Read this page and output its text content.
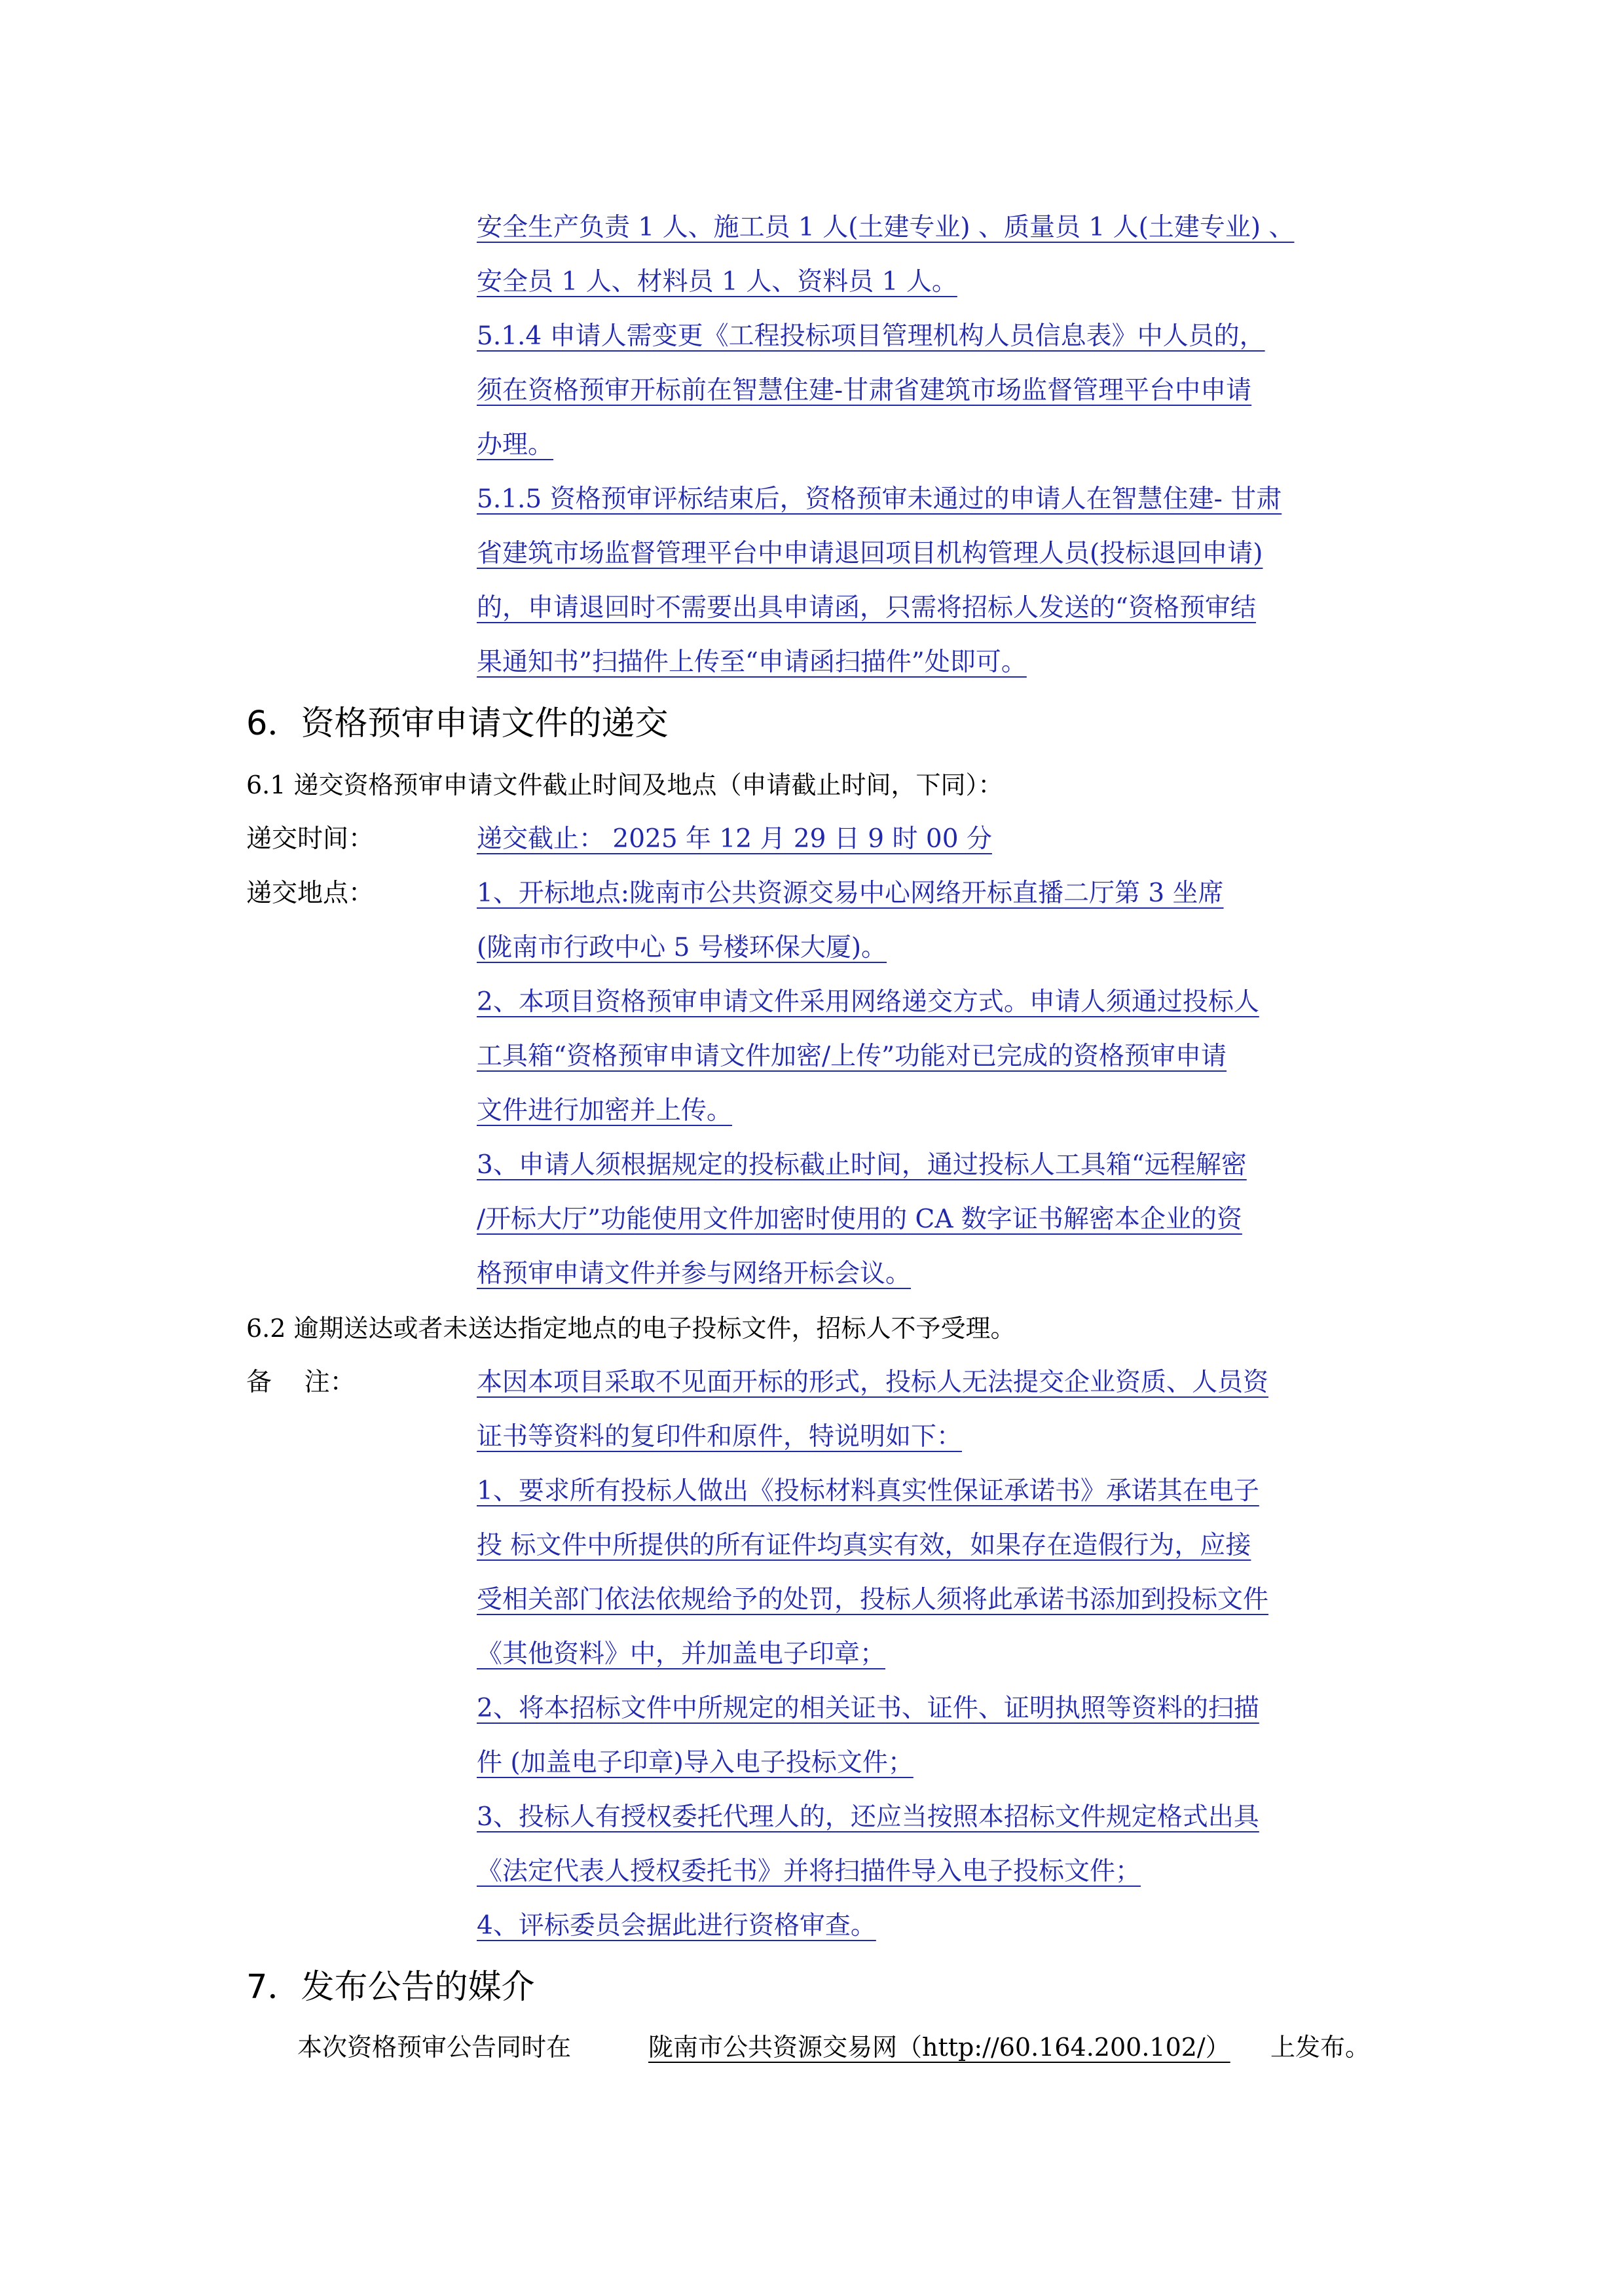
安全生产负责 1 人、施工员 1 人(土建专业) 、质量员 1 人(土建专业) 、
安全员 1 人、材料员 1 人、资料员 1 人。
5.1.4 申请人需变更《工程投标项目管理机构人员信息表》中人员的，
须在资格预审开标前在智慧住建-甘肃省建筑市场监督管理平台中申请
办理。
5.1.5 资格预审评标结束后，资格预审未通过的申请人在智慧住建- 甘肃
省建筑市场监督管理平台中申请退回项目机构管理人员(投标退回申请)
的，申请退回时不需要出具申请函，只需将招标人发送的“资格预审结
果通知书”扫描件上传至“申请函扫描件”处即可。
6．资格预审申请文件的递交
6.1 递交资格预审申请文件截止时间及地点（申请截止时间，下同）：
递交时间：	递交截止： 2025 年 12 月 29 日 9 时 00 分
递交地点：	1、开标地点:陇南市公共资源交易中心网络开标直播二厅第 3 坐席
(陇南市行政中心 5 号楼环保大厦)。
2、本项目资格预审申请文件采用网络递交方式。申请人须通过投标人
工具箱“资格预审申请文件加密/上传”功能对已完成的资格预审申请
文件进行加密并上传。
3、申请人须根据规定的投标截止时间，通过投标人工具箱“远程解密
/开标大厅”功能使用文件加密时使用的 CA 数字证书解密本企业的资
格预审申请文件并参与网络开标会议。
6.2 逾期送达或者未送达指定地点的电子投标文件，招标人不予受理。
备    注：	本因本项目采取不见面开标的形式，投标人无法提交企业资质、人员资
证书等资料的复印件和原件，特说明如下：
1、要求所有投标人做出《投标材料真实性保证承诺书》承诺其在电子
投 标文件中所提供的所有证件均真实有效，如果存在造假行为，应接
受相关部门依法依规给予的处罚，投标人须将此承诺书添加到投标文件
《其他资料》中，并加盖电子印章；
2、将本招标文件中所规定的相关证书、证件、证明执照等资料的扫描
件 (加盖电子印章)导入电子投标文件；
3、投标人有授权委托代理人的，还应当按照本招标文件规定格式出具
《法定代表人授权委托书》并将扫描件导入电子投标文件；
4、评标委员会据此进行资格审查。
7．发布公告的媒介
本次资格预审公告同时在	陇南市公共资源交易网（http://60.164.200.102/）	上发布。
